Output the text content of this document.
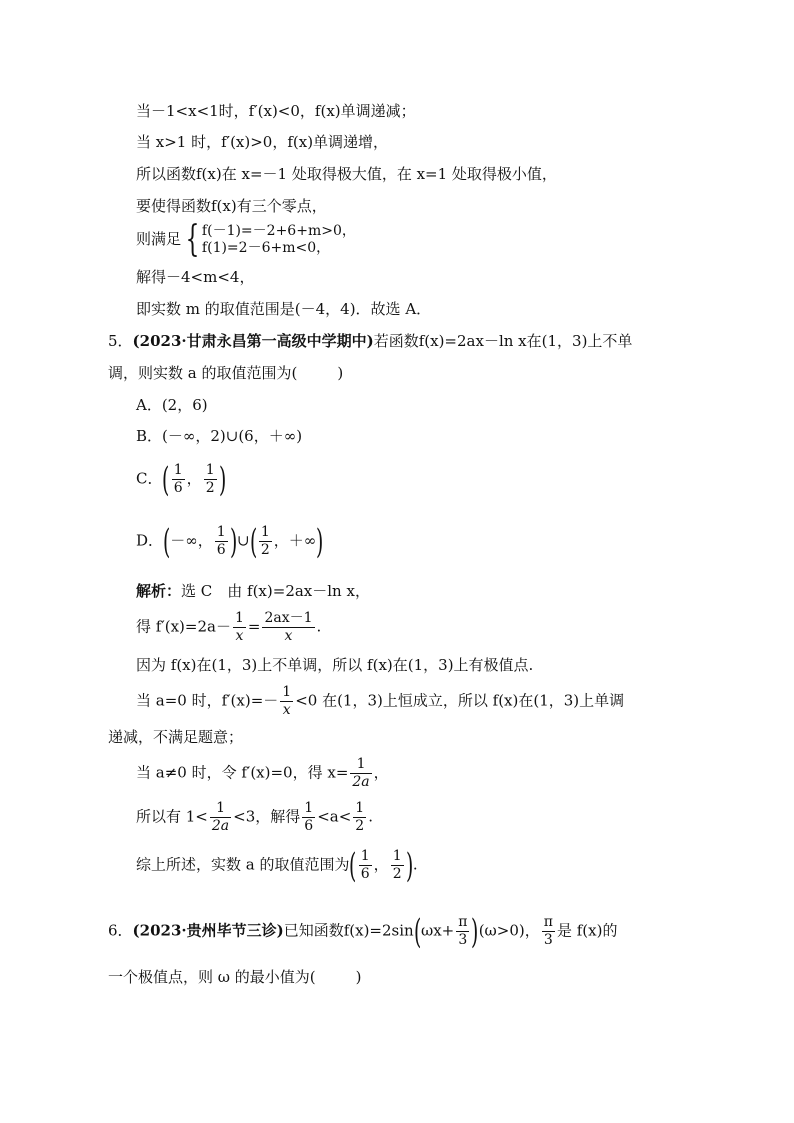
当－1<x<1时，f′(x)<0，f(x)单调递减；
当 x>1 时，f′(x)>0，f(x)单调递增，
所以函数f(x)在 x=－1 处取得极大值，在 x=1 处取得极小值，
要使得函数f(x)有三个零点，
则满足 { f(－1)=－2+6+m>0，
f(1)=2－6+m<0，
解得－4<m<4，
即实数 m 的取值范围是(－4，4)．故选 A．
5．(2023·甘肃永昌第一高级中学期中)若函数f(x)=2ax－ln x在(1，3)上不单
调，则实数 a 的取值范围为(	)
A．(2，6)
B．(－∞，2)∪(6，＋∞)
C．( $\frac{1}{6}$ ， $\frac{1}{2}$ )
D．(－∞， $\frac{1}{6}$ )∪( $\frac{1}{2}$ ，＋∞)
解析：选 C　由 f(x)=2ax－ln x，
得 $f'(x)=2a- \frac{1}{x} = \frac{2ax-1}{x}$ .
因为 f(x)在(1，3)上不单调，所以 f(x)在(1，3)上有极值点.
当 a=0 时，$f'(x)=- \frac{1}{x} <0$ 在(1，3)上恒成立，所以 f(x)在(1，3)上单调
递减，不满足题意；
当 a≠0 时，令 f′(x)=0，得 $x= \frac{1}{2a}$ ，
所以有 $1< \frac{1}{2a} <3$，解得 $\frac{1}{6} <a< \frac{1}{2}$ .
综上所述，实数 a 的取值范围为( $\frac{1}{6}$ ， $\frac{1}{2}$ ).
6．(2023·贵州毕节三诊)已知函数$f(x)=2\sin(\omega x+ \frac{\pi}{3} )(\omega>0)$， $\frac{\pi}{3}$ 是 f(x)的
一个极值点，则 ω 的最小值为(	)
